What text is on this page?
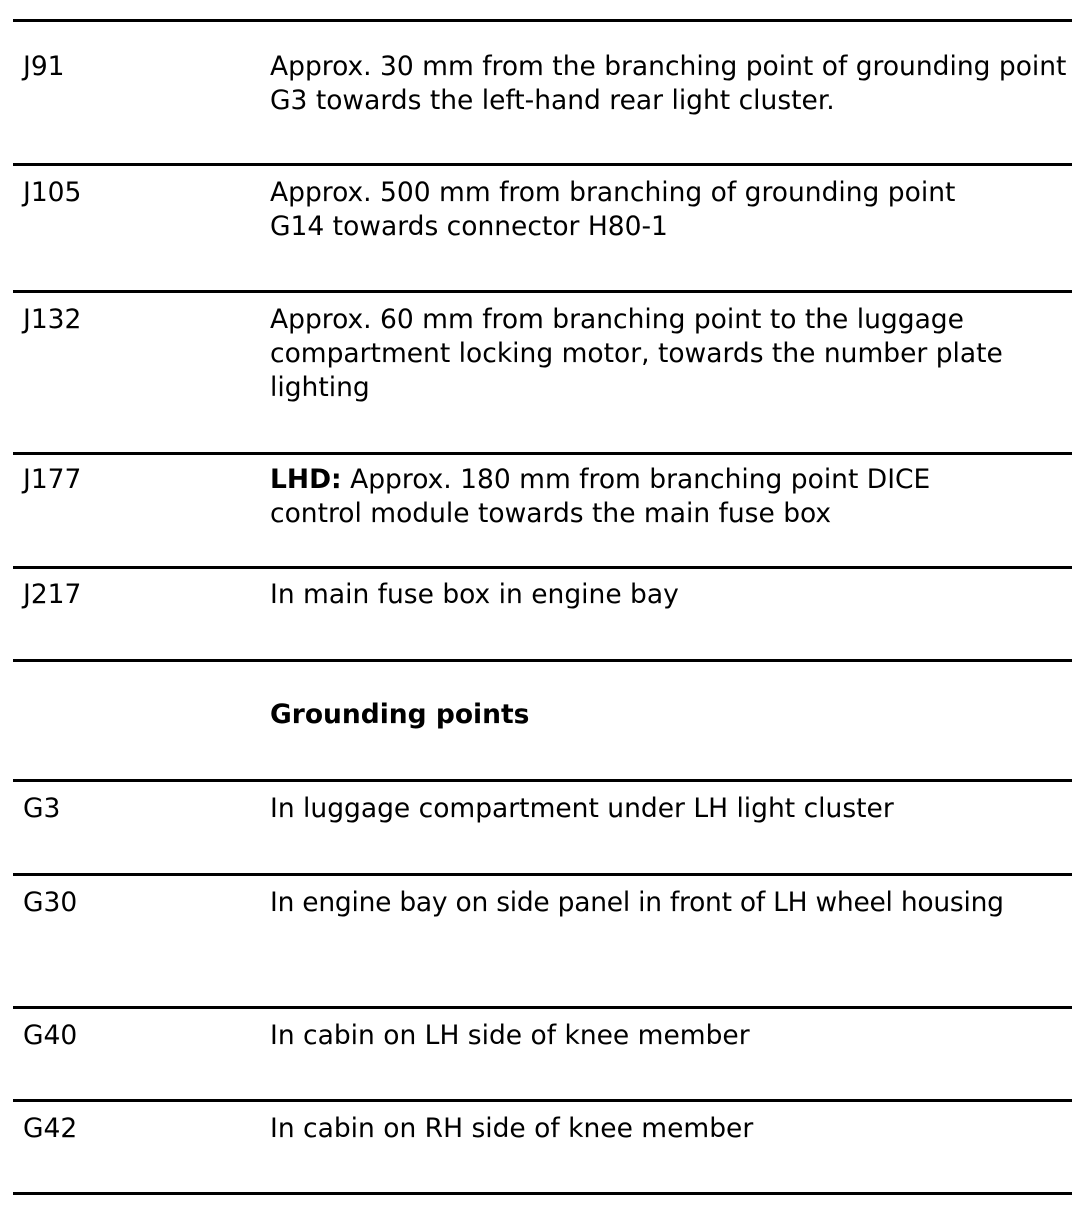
J91	Approx. 30 mm from the branching point of grounding point G3 towards the left-hand rear light cluster.
J105	Approx. 500 mm from branching of grounding point G14 towards connector H80-1
J132	Approx. 60 mm from branching point to the luggage compartment locking motor, towards the number plate lighting
J177	LHD: Approx. 180 mm from branching point DICE control module towards the main fuse box
J217	In main fuse box in engine bay
Grounding points
G3	In luggage compartment under LH light cluster
G30	In engine bay on side panel in front of LH wheel housing
G40	In cabin on LH side of knee member
G42	In cabin on RH side of knee member
